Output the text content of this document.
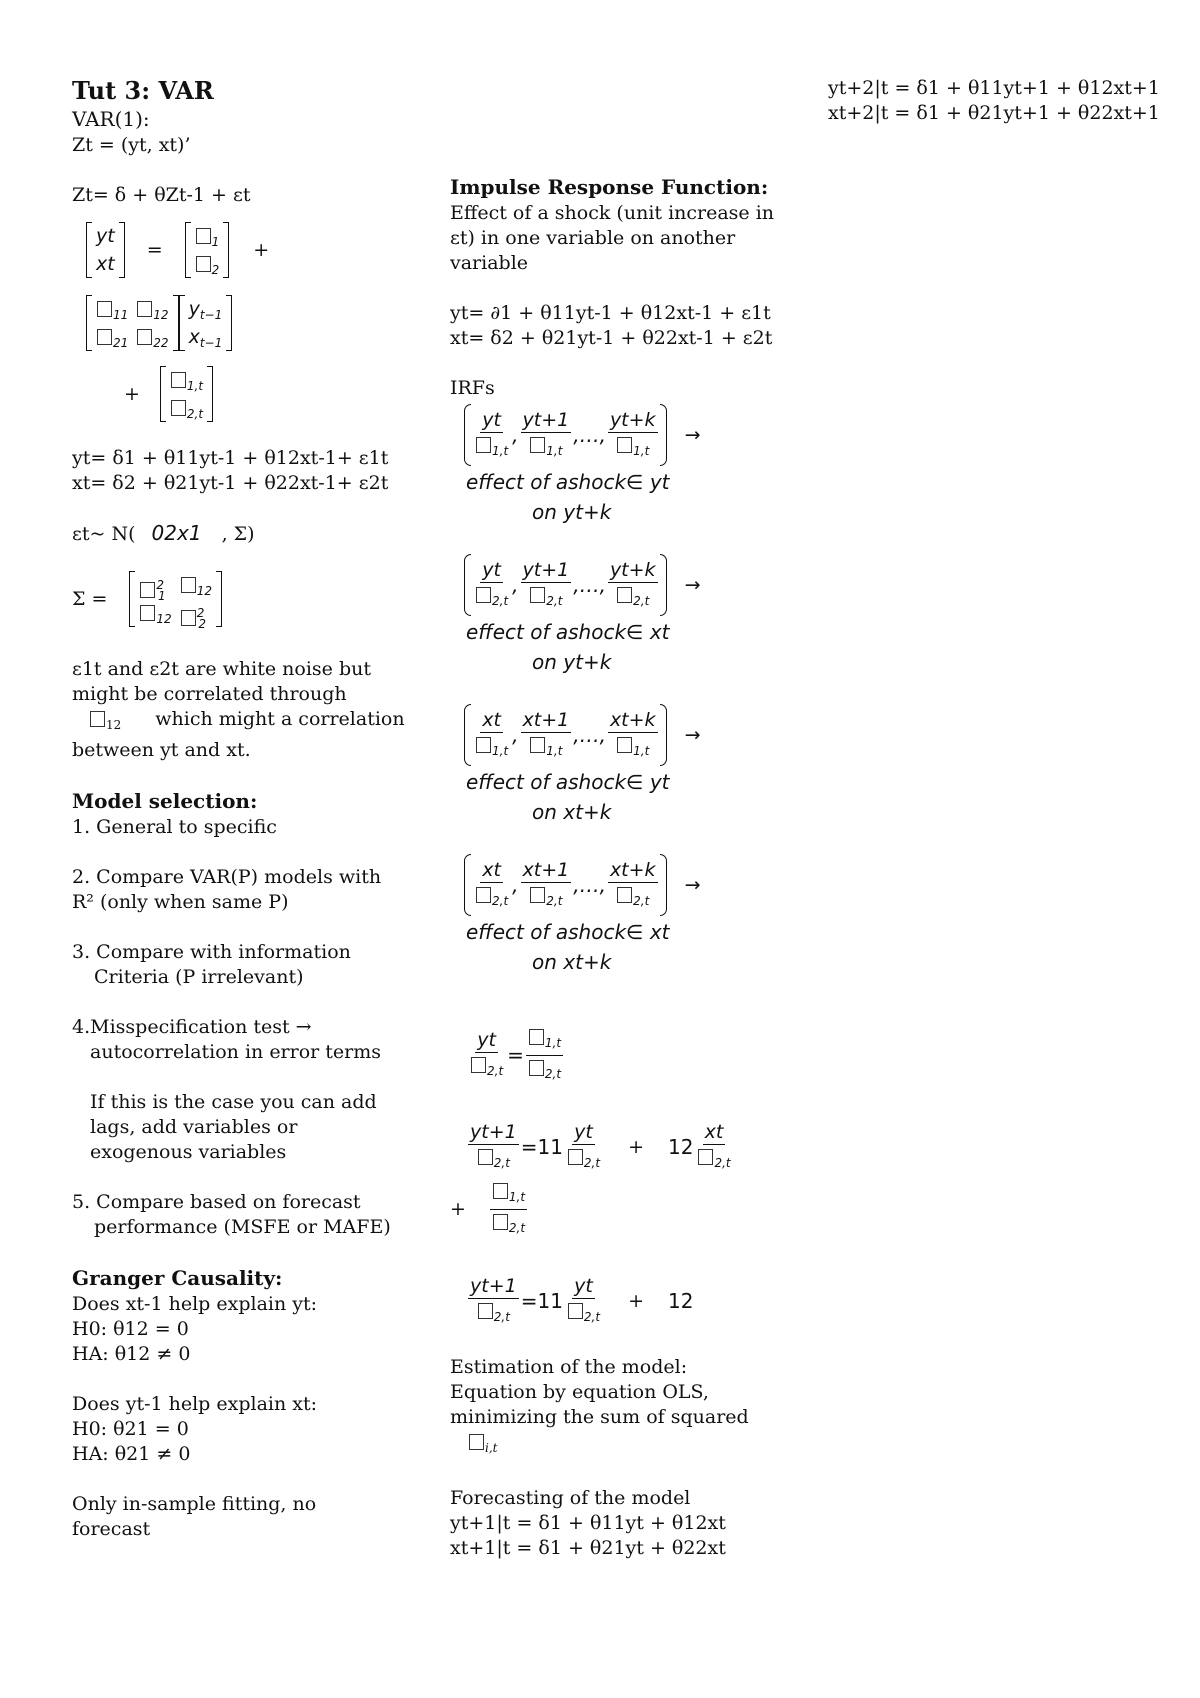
Tut 3: VAR
VAR(1):
Zt = (yt, xt)’
Zt= δ + θZt-1 + εt
yt
xt
=	$_1$
$_2$
+
$_{11}$
$_{21}$
$_{12}$
$_{22}$
$y_{t-1}$
$x_{t-1}$
+	$_{1,t}$
$_{2,t}$
yt= δ1 + θ11yt-1 + θ12xt-1+ ε1t
xt= δ2 + θ21yt-1 + θ22xt-1+ ε2t
εt~ N( 02x1 , Σ)
Σ =
$^2_1$
$_{12}$
$_{12}$
$^2_2$
ε1t and ε2t are white noise but
might be correlated through
$_{12}$ which might a correlation
between yt and xt.
Model selection:
1. General to specific
2. Compare VAR(P) models with
R² (only when same P)
3. Compare with information
Criteria (P irrelevant)
4.Misspecification test →
autocorrelation in error terms
If this is the case you can add
lags, add variables or
exogenous variables
5. Compare based on forecast
performance (MSFE or MAFE)
Granger Causality:
Does xt-1 help explain yt:
H0: θ12 = 0
HA: θ12 ≠ 0
Does yt-1 help explain xt:
H0: θ21 = 0
HA: θ21 ≠ 0
Only in-sample fitting, no
forecast
Impulse Response Function:
Effect of a shock (unit increase in
εt) in one variable on another
variable
yt= ∂1 + θ11yt-1 + θ12xt-1 + ε1t
xt= δ2 + θ21yt-1 + θ22xt-1 + ε2t
IRFs
$\frac{yt}{_{1,t}}$ , $\frac{yt+1}{_{1,t}}$ ,…, $\frac{yt+k}{_{1,t}}$ →
effect of ashock∈ yt
on yt+k
$\frac{yt}{_{2,t}}$ , $\frac{yt+1}{_{2,t}}$ ,…, $\frac{yt+k}{_{2,t}}$ →
effect of ashock∈ xt
on yt+k
$\frac{xt}{_{1,t}}$ , $\frac{xt+1}{_{1,t}}$ ,…, $\frac{xt+k}{_{1,t}}$ →
effect of ashock∈ yt
on xt+k
$\frac{xt}{_{2,t}}$ , $\frac{xt+1}{_{2,t}}$ ,…, $\frac{xt+k}{_{2,t}}$ →
effect of ashock∈ xt
on xt+k
$\frac{yt}{_{2,t}} = \frac{_{1,t}}{_{2,t}}$
$\frac{yt+1}{_{2,t}} = 11 \frac{yt}{_{2,t}} + 12 \frac{xt}{_{2,t}}$
+ $\frac{_{1,t}}{_{2,t}}$
$\frac{yt+1}{_{2,t}} = 11 \frac{yt}{_{2,t}} + 12$
Estimation of the model:
Equation by equation OLS,
minimizing the sum of squared
$_{i,t}$
Forecasting of the model
yt+1|t = δ1 + θ11yt + θ12xt
xt+1|t = δ1 + θ21yt + θ22xt
yt+2|t = δ1 + θ11yt+1 + θ12xt+1
xt+2|t = δ1 + θ21yt+1 + θ22xt+1
